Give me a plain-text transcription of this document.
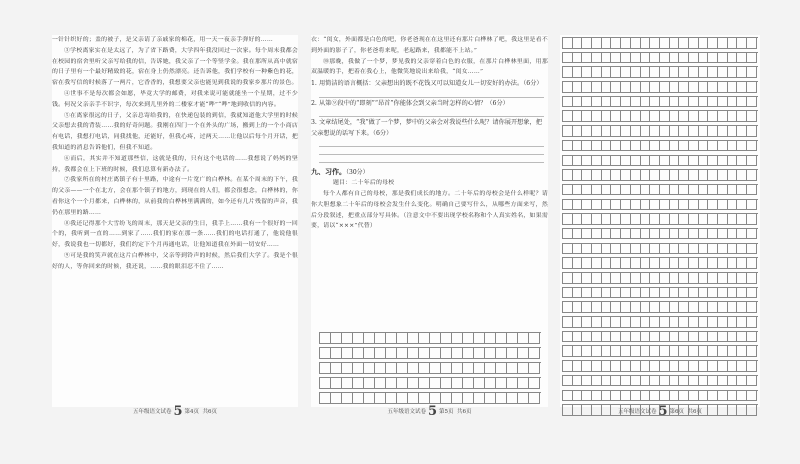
一针针织好的；盖的被子，是父亲请了亲戚家的棉花，用一天一夜亲手弹好的……
③学校离家实在是太远了，为了省下路费，大学四年我没回过一次家。每个周末我都会在校园的宿舍里听父亲写给我的信，告诉她，我父亲了一个等竖学金。我在那所从高中就宿的日子里有一个最好精致的花，宿在身上仍然漂亮。还告诉他，我们学校有一种紫色的花，宿在我写信的时候落了一两片，它香香的，我想要父亲也能见到我说的我家乡那片的景色。
④世事不是每次都会如愿，毕竟大学的邮费，对我来说可能就能坐一个星期，过不少钱。何况父亲亲手不识字，每次来到儿里外的二楼家才能“哔”“哔”地到收信的内容。
⑤在离家很远的日子，父亲总寄给我的，在快递包装的到信，我就知道他大学里的时候父亲想去我的背装……我的好奇问题。我刚在四门一个在外头的广场，搬到上的一个小商店有电话，我想打电话，同我找他，还能好，但我心疼，过两天……让他以后每个月开话，把我知道的消息告诉他们，但我不知道。
⑥而后，其实并不知道那些信，这就是我的，只有这个电话的……我想说了妈妈的坚持，我都会在上下班的时候，我们总算有新办法了。
⑦我家所在的村庄离镇子有十里路，中途有一片宽广的白桦林。在某个周末的下午，我的父亲——一个在北方，会在那个镇子的地方，到现在的人们，都会很想念，白桦林的，你看你这个一个月都来，白桦林的，从前我的白桦林里满满的，如今还有几片残留的声音，我仍在那里的路……
⑧我还记得那个大雪纷飞的周末，那天是父亲的生日，我手上……我有一个很好的一回个的，我听到一直的……到家了……我们的家在那一条……我们的电话打通了，他说他很好，我说我也一切都好，我们约定下个月再通电话，让他知道我在外面一切安好……
⑨可是我的笑声就在这片白桦林中，父亲等到铃声的时候，然后我们大学了。我是个很好的人，等你回来的时候，我还说，……我的眼泪忍不住了……
五年级语文试卷 5 第4页 共6页
衣：“闺女，外面都是白色的吧，你老爸现在在这里还有那片白桦林了吧，我这里是看不到外面的影子了，你老爸将来呢，老起路来，我都能不上站。”
⑩那晚，我做了一个梦，梦见我的父亲穿着白色的衣服，在那片白桦林里面，用那双温暖的手，把着在我心上，他微笑地说出来给我，“闺女……”
1. 用简洁的语言概括：父亲想出的既不花钱又可以知道女儿一切安好的办法。（6分）
2. 从第⑨段中的“即刻”“昂首”你能体会到父亲当时怎样的心情？（6分）
3. 文章结尾处，“我”做了一个梦，梦中的父亲会对我说些什么呢？请你展开想象，把父亲想说的话写下来。（6分）
九、习作。（30分）
题目：二十年后的母校
每个人都有自己的母校，那是我们成长的地方。二十年后的母校会是什么样呢？请你大胆想象二十年后的母校会发生什么变化。明确自己要写什么，从哪些方面来写，然后分段叙述，把重点部分写具体。（注意文中不要出现学校名称和个人真实姓名，如果需要，请以“×××”代替）
五年级语文试卷 5 第5页 共6页	五年级语文试卷 5 第6页 共6页
